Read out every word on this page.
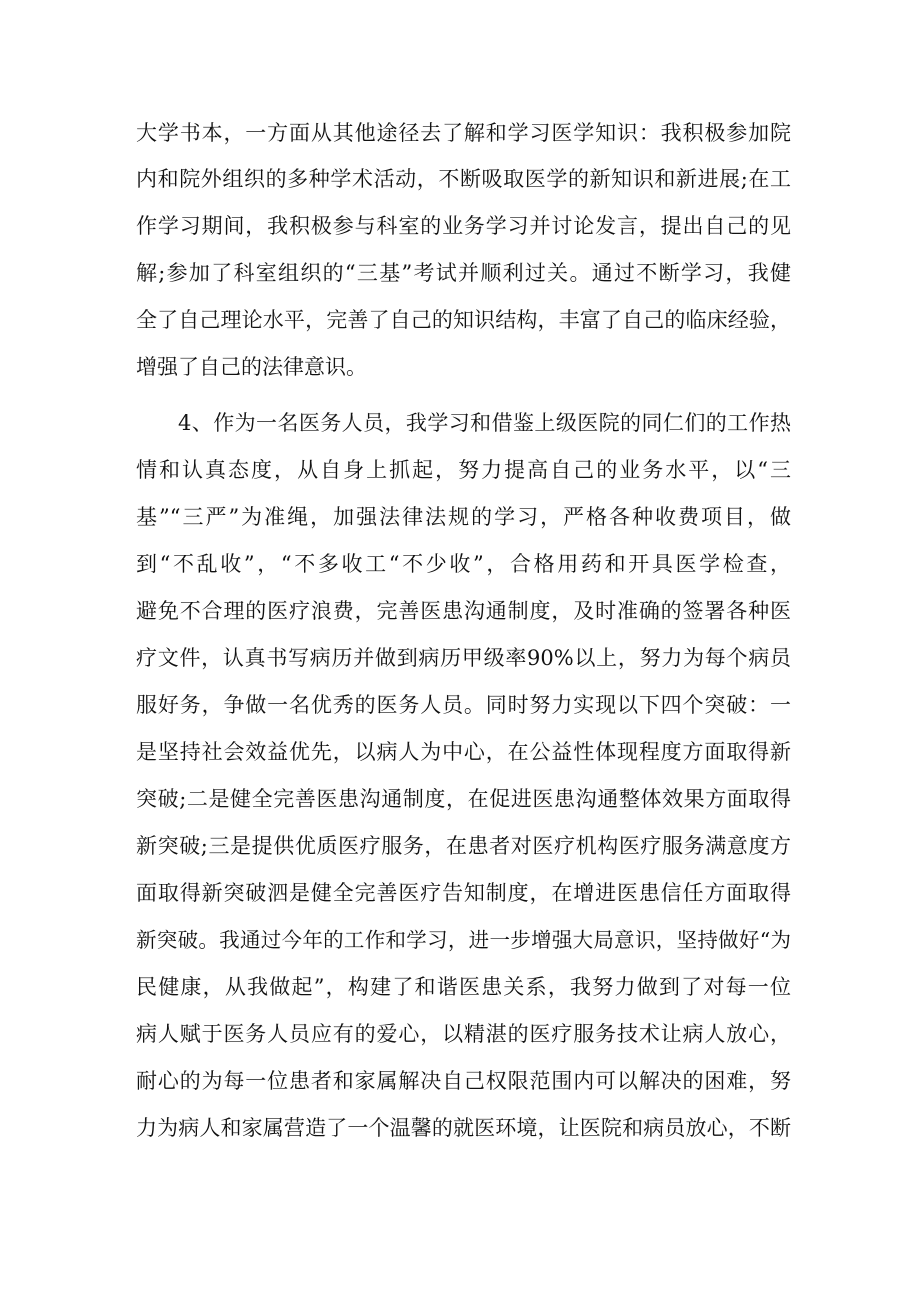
大学书本，一方面从其他途径去了解和学习医学知识：我积极参加院
内和院外组织的多种学术活动，不断吸取医学的新知识和新进展;在工
作学习期间，我积极参与科室的业务学习并讨论发言，提出自己的见
解;参加了科室组织的“三基”考试并顺利过关。通过不断学习，我健
全了自己理论水平，完善了自己的知识结构，丰富了自己的临床经验，
增强了自己的法律意识。
4、作为一名医务人员，我学习和借鉴上级医院的同仁们的工作热
情和认真态度，从自身上抓起，努力提高自己的业务水平，以“三
基”“三严”为准绳，加强法律法规的学习，严格各种收费项目，做
到“不乱收”，“不多收工“不少收”，合格用药和开具医学检查，
避免不合理的医疗浪费，完善医患沟通制度，及时准确的签署各种医
疗文件，认真书写病历并做到病历甲级率90%以上，努力为每个病员
服好务，争做一名优秀的医务人员。同时努力实现以下四个突破：一
是坚持社会效益优先，以病人为中心，在公益性体现程度方面取得新
突破;二是健全完善医患沟通制度，在促进医患沟通整体效果方面取得
新突破;三是提供优质医疗服务，在患者对医疗机构医疗服务满意度方
面取得新突破泗是健全完善医疗告知制度，在增进医患信任方面取得
新突破。我通过今年的工作和学习，进一步增强大局意识，坚持做好“为
民健康，从我做起”，构建了和谐医患关系，我努力做到了对每一位
病人赋于医务人员应有的爱心，以精湛的医疗服务技术让病人放心，
耐心的为每一位患者和家属解决自己权限范围内可以解决的困难，努
力为病人和家属营造了一个温馨的就医环境，让医院和病员放心，不断
